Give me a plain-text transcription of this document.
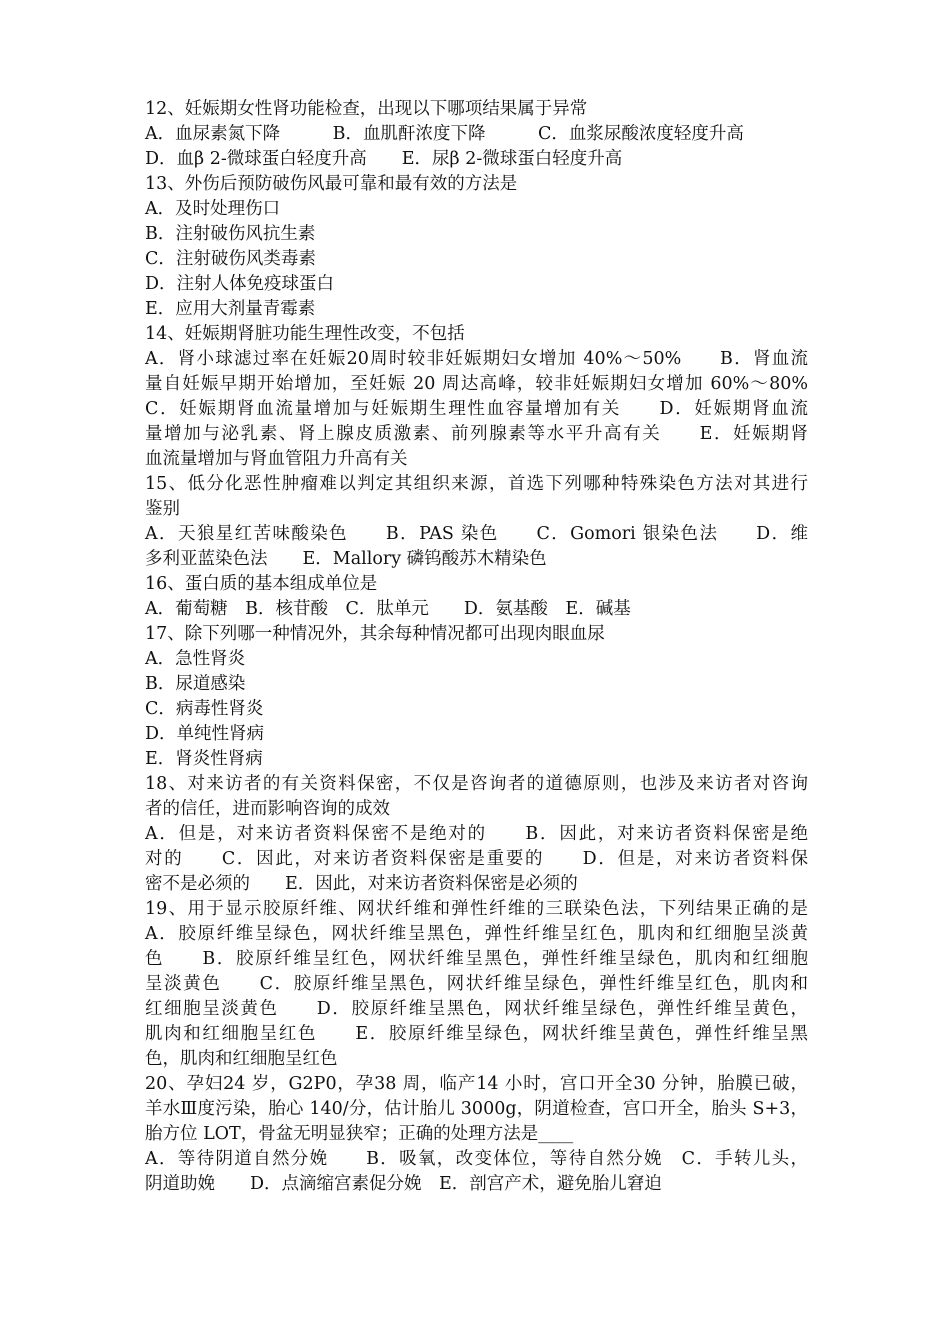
12、妊娠期女性肾功能检查，出现以下哪项结果属于异常
A．血尿素氮下降　　　B．血肌酐浓度下降　　　C．血浆尿酸浓度轻度升高
D．血β 2-微球蛋白轻度升高　　E．尿β 2-微球蛋白轻度升高
13、外伤后预防破伤风最可靠和最有效的方法是
A．及时处理伤口
B．注射破伤风抗生素
C．注射破伤风类毒素
D．注射人体免疫球蛋白
E．应用大剂量青霉素
14、妊娠期肾脏功能生理性改变，不包括
A．肾小球滤过率在妊娠20周时较非妊娠期妇女增加 40%～50%　　B．肾血流
量自妊娠早期开始增加，至妊娠 20 周达高峰，较非妊娠期妇女增加 60%～80%
C．妊娠期肾血流量增加与妊娠期生理性血容量增加有关　　D．妊娠期肾血流
量增加与泌乳素、肾上腺皮质激素、前列腺素等水平升高有关　　E．妊娠期肾
血流量增加与肾血管阻力升高有关
15、低分化恶性肿瘤难以判定其组织来源，首选下列哪种特殊染色方法对其进行
鉴别
A．天狼星红苦味酸染色　　B．PAS 染色　　C．Gomori 银染色法　　D．维
多利亚蓝染色法　　E．Mallory 磷钨酸苏木精染色
16、蛋白质的基本组成单位是
A．葡萄糖　B．核苷酸　C．肽单元　　D．氨基酸　E．碱基
17、除下列哪一种情况外，其余每种情况都可出现肉眼血尿
A．急性肾炎
B．尿道感染
C．病毒性肾炎
D．单纯性肾病
E．肾炎性肾病
18、对来访者的有关资料保密，不仅是咨询者的道德原则，也涉及来访者对咨询
者的信任，进而影响咨询的成效
A．但是，对来访者资料保密不是绝对的　　B．因此，对来访者资料保密是绝
对的　　C．因此，对来访者资料保密是重要的　　D．但是，对来访者资料保
密不是必须的　　E．因此，对来访者资料保密是必须的
19、用于显示胶原纤维、网状纤维和弹性纤维的三联染色法，下列结果正确的是
A．胶原纤维呈绿色，网状纤维呈黑色，弹性纤维呈红色，肌肉和红细胞呈淡黄
色　　B．胶原纤维呈红色，网状纤维呈黑色，弹性纤维呈绿色，肌肉和红细胞
呈淡黄色　　C．胶原纤维呈黑色，网状纤维呈绿色，弹性纤维呈红色，肌肉和
红细胞呈淡黄色　　D．胶原纤维呈黑色，网状纤维呈绿色，弹性纤维呈黄色，
肌肉和红细胞呈红色　　E．胶原纤维呈绿色，网状纤维呈黄色，弹性纤维呈黑
色，肌肉和红细胞呈红色
20、孕妇24 岁，G2P0，孕38 周，临产14 小时，宫口开全30 分钟，胎膜已破，
羊水Ⅲ度污染，胎心 140/分，估计胎儿 3000g，阴道检查，宫口开全，胎头 S+3，
胎方位 LOT，骨盆无明显狭窄；正确的处理方法是____
A．等待阴道自然分娩　　B．吸氧，改变体位，等待自然分娩　C．手转儿头，
阴道助娩　　D．点滴缩宫素促分娩　E．剖宫产术，避免胎儿窘迫
